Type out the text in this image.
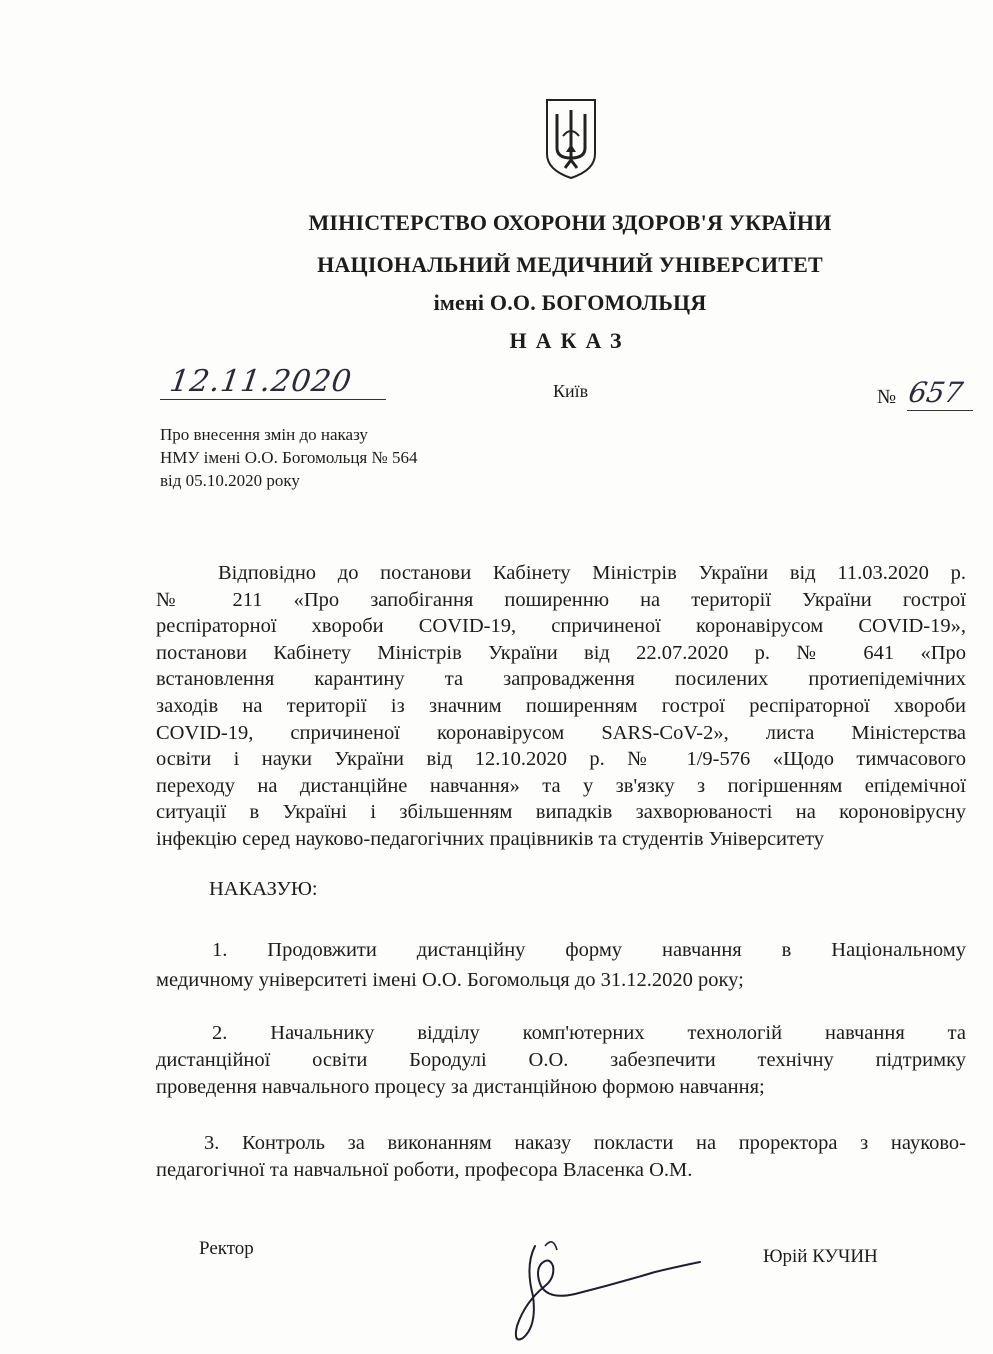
МІНІСТЕРСТВО ОХОРОНИ ЗДОРОВ'Я УКРАЇНИ
НАЦІОНАЛЬНИЙ МЕДИЧНИЙ УНІВЕРСИТЕТ
імені О.О. БОГОМОЛЬЦЯ
НАКАЗ
12.11.2020	Київ	№ 657
Про внесення змін до наказу
НМУ імені О.О. Богомольця № 564
від 05.10.2020 року
Відповідно до постанови Кабінету Міністрів України від 11.03.2020 р.
№ 211 «Про запобігання поширенню на території України гострої
респіраторної хвороби COVID-19, спричиненої коронавірусом COVID-19»,
постанови Кабінету Міністрів України від 22.07.2020 р. № 641 «Про
встановлення карантину та запровадження посилених протиепідемічних
заходів на території із значним поширенням гострої респіраторної хвороби
COVID-19, спричиненої коронавірусом SARS-CoV-2», листа Міністерства
освіти і науки України від 12.10.2020 р. № 1/9-576 «Щодо тимчасового
переходу на дистанційне навчання» та у зв'язку з погіршенням епідемічної
ситуації в Україні і збільшенням випадків захворюваності на короновірусну
інфекцію серед науково-педагогічних працівників та студентів Університету
НАКАЗУЮ:
1. Продовжити дистанційну форму навчання в Національному
медичному університеті імені О.О. Богомольця до 31.12.2020 року;
2. Начальнику відділу комп'ютерних технологій навчання та
дистанційної освіти Бородулі О.О. забезпечити технічну підтримку
проведення навчального процесу за дистанційною формою навчання;
3. Контроль за виконанням наказу покласти на проректора з науково-
педагогічної та навчальної роботи, професора Власенка О.М.
Ректор	Юрій КУЧИН
